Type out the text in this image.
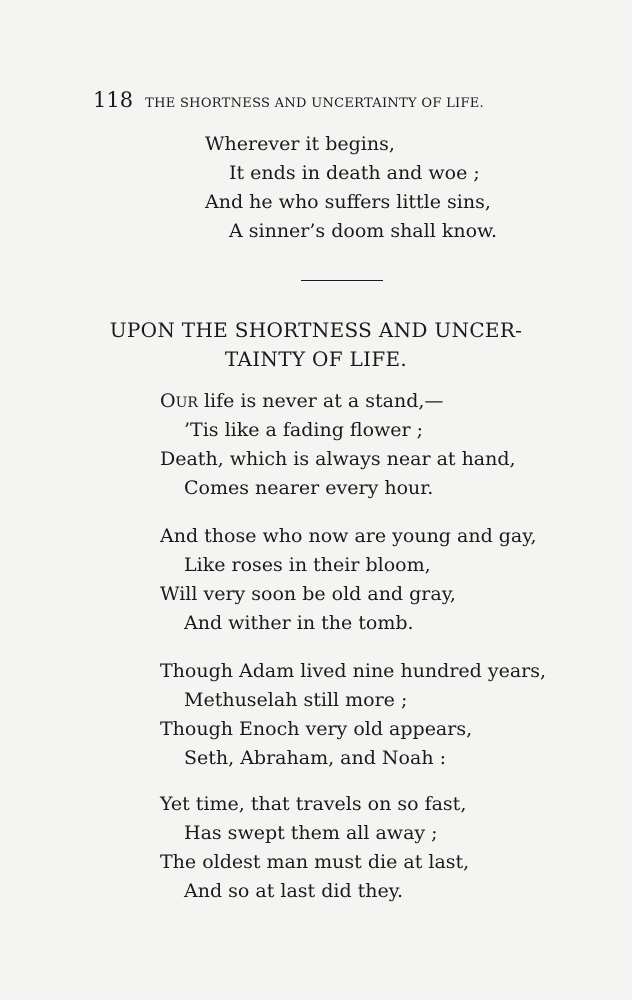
118 THE SHORTNESS AND UNCERTAINTY OF LIFE.
Wherever it begins,
It ends in death and woe ;
And he who suffers little sins,
A sinner’s doom shall know.
UPON THE SHORTNESS AND UNCER-
TAINTY OF LIFE.
OUR life is never at a stand,—
’Tis like a fading flower ;
Death, which is always near at hand,
Comes nearer every hour.
And those who now are young and gay,
Like roses in their bloom,
Will very soon be old and gray,
And wither in the tomb.
Though Adam lived nine hundred years,
Methuselah still more ;
Though Enoch very old appears,
Seth, Abraham, and Noah :
Yet time, that travels on so fast,
Has swept them all away ;
The oldest man must die at last,
And so at last did they.
